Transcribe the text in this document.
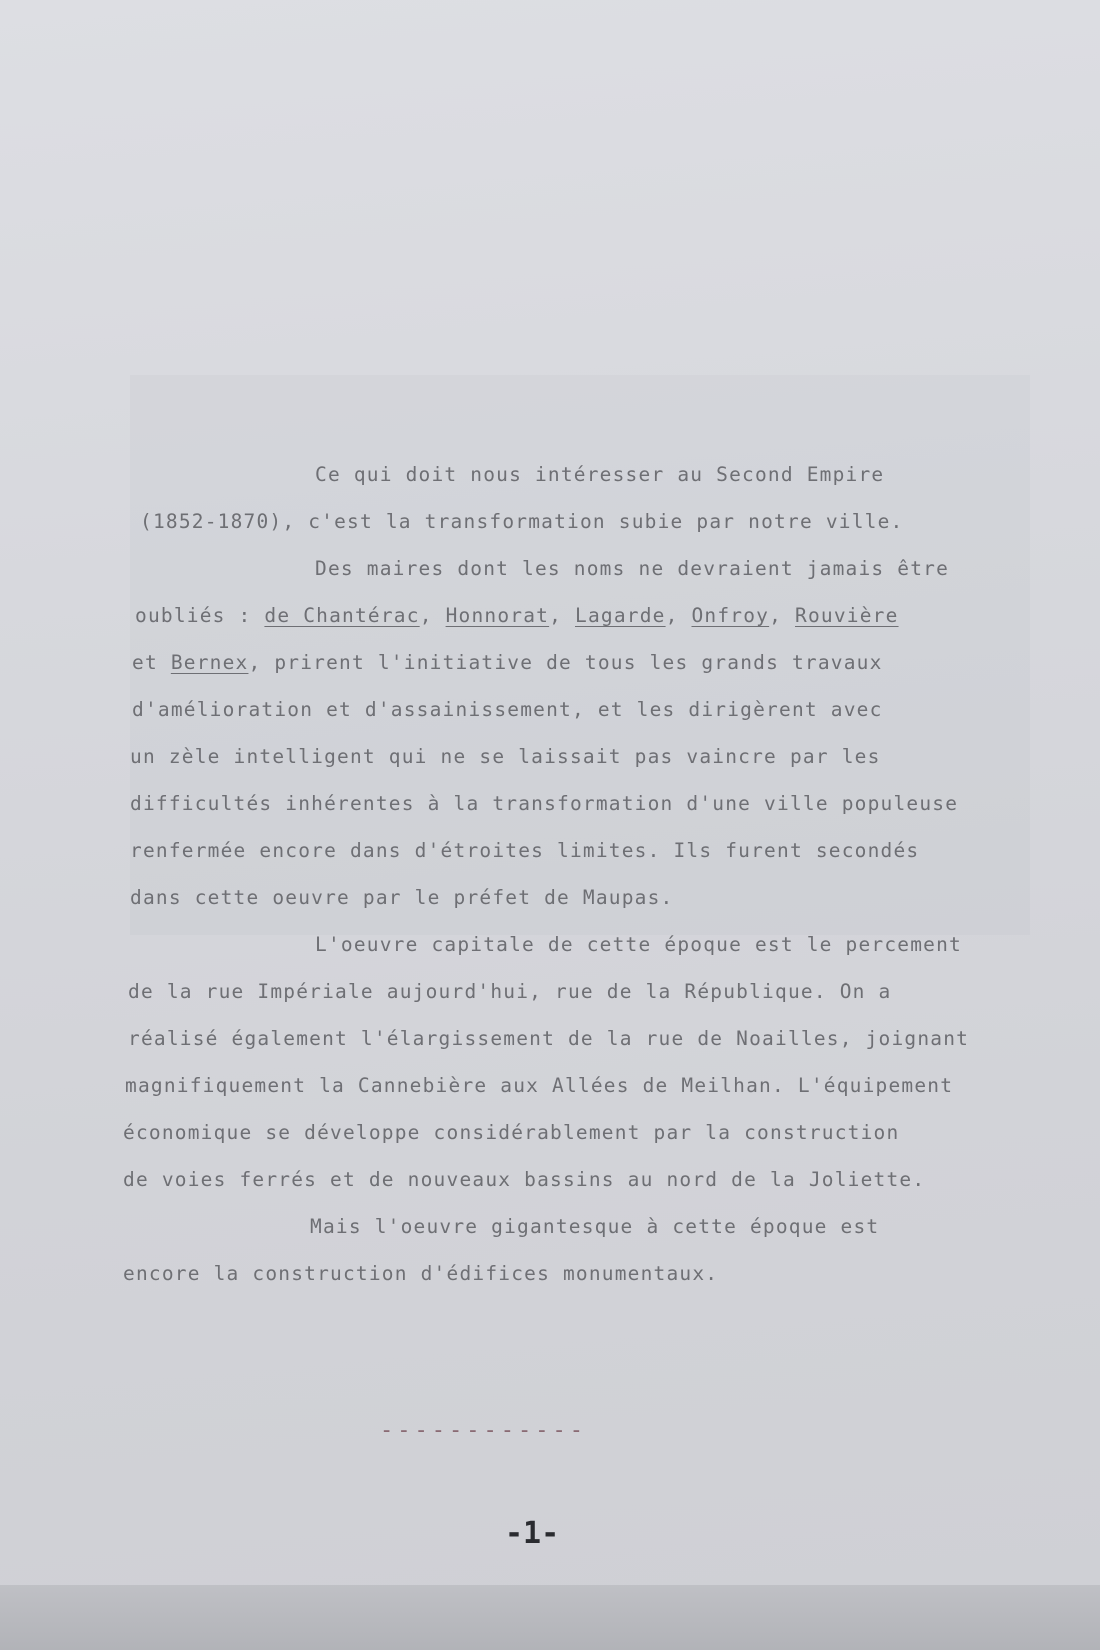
Ce qui doit nous intéresser au Second Empire
(1852-1870), c'est la transformation subie par notre ville.
Des maires dont les noms ne devraient jamais être
oubliés : de Chantérac, Honnorat, Lagarde, Onfroy, Rouvière
et Bernex, prirent l'initiative de tous les grands travaux
d'amélioration et d'assainissement, et les dirigèrent avec
un zèle intelligent qui ne se laissait pas vaincre par les
difficultés inhérentes à la transformation d'une ville populeuse
renfermée encore dans d'étroites limites. Ils furent secondés
dans cette oeuvre par le préfet de Maupas.
L'oeuvre capitale de cette époque est le percement
de la rue Impériale aujourd'hui, rue de la République. On a
réalisé également l'élargissement de la rue de Noailles, joignant
magnifiquement la Cannebière aux Allées de Meilhan. L'équipement
économique se développe considérablement par la construction
de voies ferrés et de nouveaux bassins au nord de la Joliette.
Mais l'oeuvre gigantesque à cette époque est
encore la construction d'édifices monumentaux.
------------
-1-
